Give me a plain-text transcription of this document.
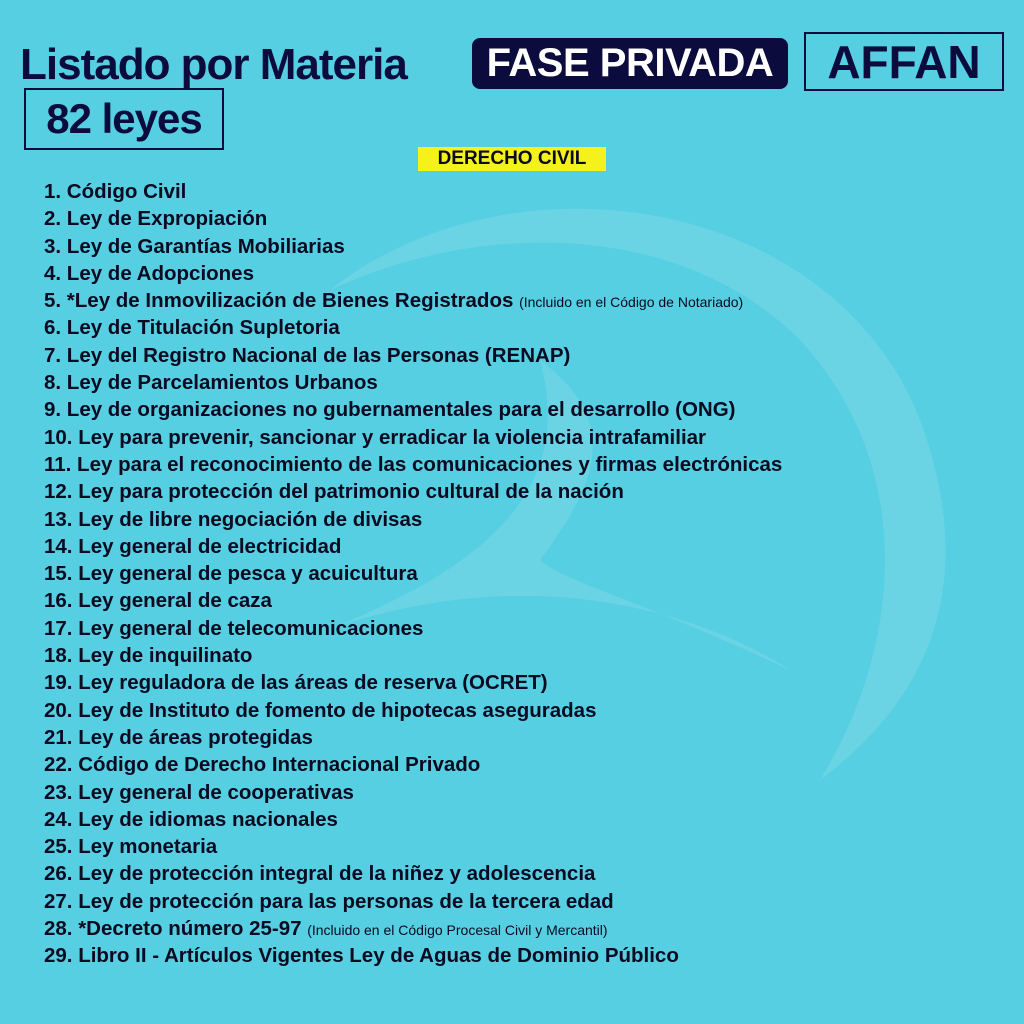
Listado por Materia	FASE PRIVADA	AFFAN
82 leyes
DERECHO CIVIL
1. Código Civil
2. Ley de Expropiación
3. Ley de Garantías Mobiliarias
4. Ley de Adopciones
5. *Ley de Inmovilización de Bienes Registrados (Incluido en el Código de Notariado)
6. Ley de Titulación Supletoria
7. Ley del Registro Nacional de las Personas (RENAP)
8. Ley de Parcelamientos Urbanos
9. Ley de organizaciones no gubernamentales para el desarrollo (ONG)
10. Ley para prevenir, sancionar y erradicar la violencia intrafamiliar
11. Ley para el reconocimiento de las comunicaciones y firmas electrónicas
12. Ley para protección del patrimonio cultural de la nación
13. Ley de libre negociación de divisas
14. Ley general de electricidad
15. Ley general de pesca y acuicultura
16. Ley general de caza
17. Ley general de telecomunicaciones
18. Ley de inquilinato
19. Ley reguladora de las áreas de reserva (OCRET)
20. Ley de Instituto de fomento de hipotecas aseguradas
21. Ley de áreas protegidas
22. Código de Derecho Internacional Privado
23. Ley general de cooperativas
24. Ley de idiomas nacionales
25. Ley monetaria
26. Ley de protección integral de la niñez y adolescencia
27. Ley de protección para las personas de la tercera edad
28. *Decreto número 25-97 (Incluido en el Código Procesal Civil y Mercantil)
29. Libro II - Artículos Vigentes Ley de Aguas de Dominio Público
